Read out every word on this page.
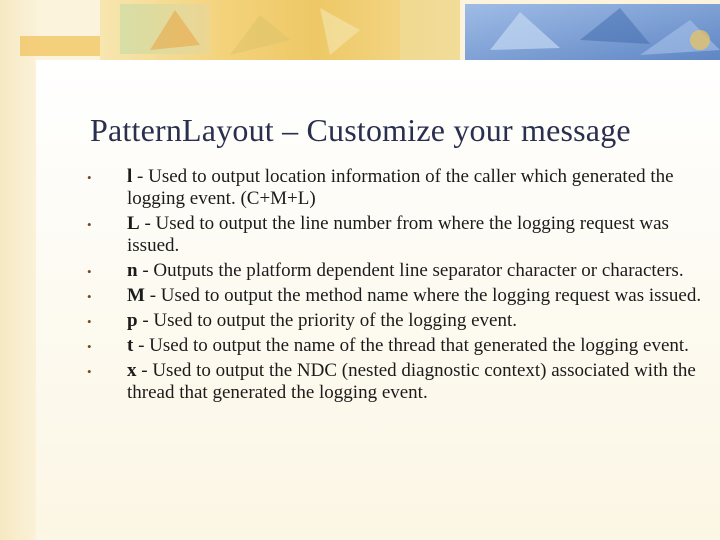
PatternLayout – Customize your message
• l - Used to output location information of the caller which generated the logging event. (C+M+L)
• L - Used to output the line number from where the logging request was issued.
• n - Outputs the platform dependent line separator character or characters.
• M - Used to output the method name where the logging request was issued.
• p - Used to output the priority of the logging event.
• t - Used to output the name of the thread that generated the logging event.
• x - Used to output the NDC (nested diagnostic context) associated with the thread that generated the logging event.
